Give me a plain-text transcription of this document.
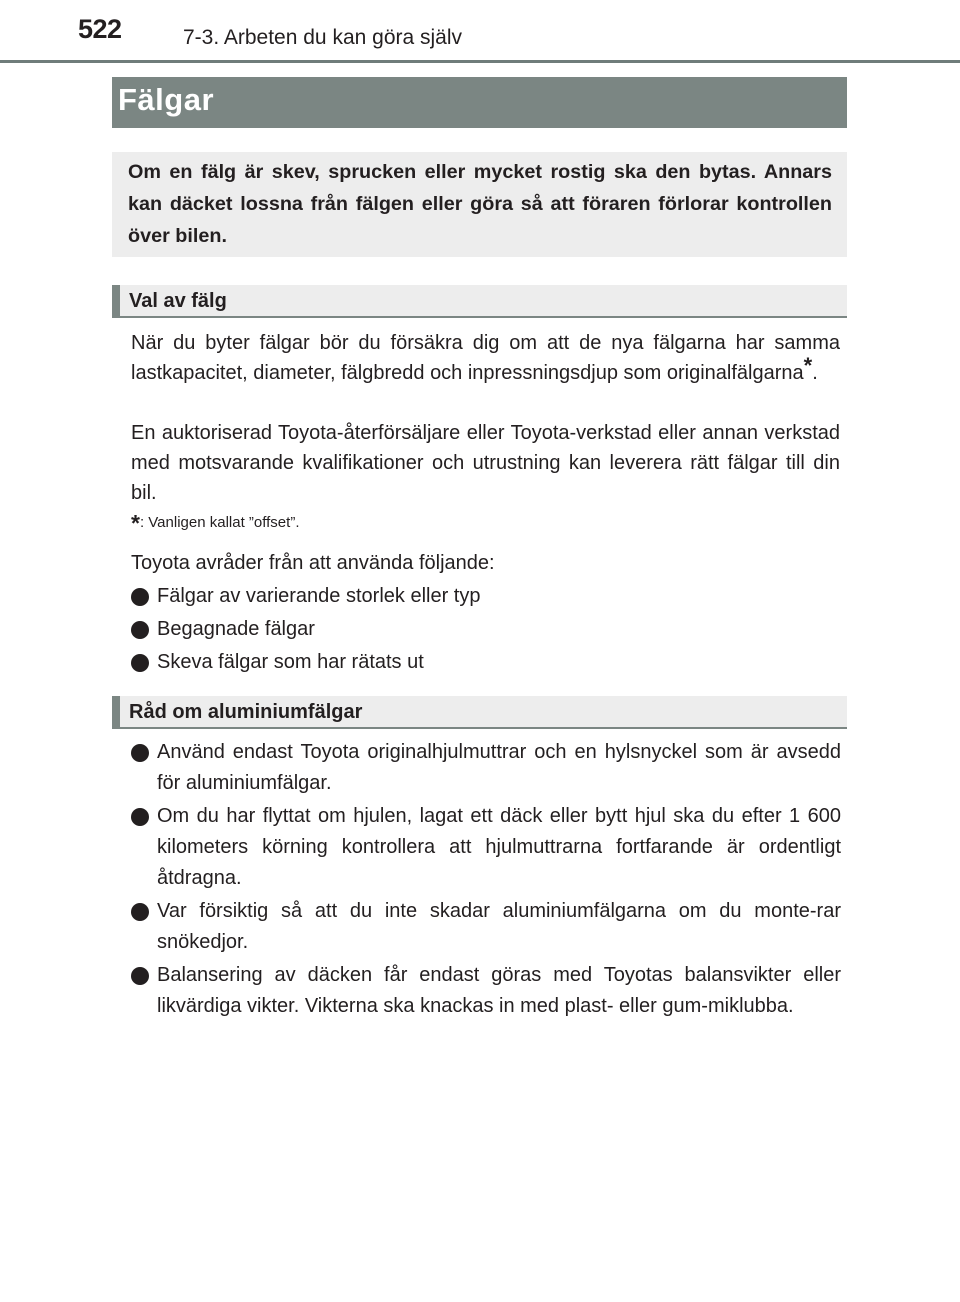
522	7-3. Arbeten du kan göra själv
Fälgar
Om en fälg är skev, sprucken eller mycket rostig ska den bytas. Annars kan däcket lossna från fälgen eller göra så att föraren förlorar kontrollen över bilen.
Val av fälg
När du byter fälgar bör du försäkra dig om att de nya fälgarna har samma lastkapacitet, diameter, fälgbredd och inpressningsdjup som originalfälgarna*.
En auktoriserad Toyota-återförsäljare eller Toyota-verkstad eller annan verkstad med motsvarande kvalifikationer och utrustning kan leverera rätt fälgar till din bil.
*: Vanligen kallat ”offset”.
Toyota avråder från att använda följande:
Fälgar av varierande storlek eller typ
Begagnade fälgar
Skeva fälgar som har rätats ut
Råd om aluminiumfälgar
Använd endast Toyota originalhjulmuttrar och en hylsnyckel som är avsedd för aluminiumfälgar.
Om du har flyttat om hjulen, lagat ett däck eller bytt hjul ska du efter 1 600 kilometers körning kontrollera att hjulmuttrarna fortfarande är ordentligt åtdragna.
Var försiktig så att du inte skadar aluminiumfälgarna om du monte-rar snökedjor.
Balansering av däcken får endast göras med Toyotas balansvikter eller likvärdiga vikter. Vikterna ska knackas in med plast- eller gum-miklubba.
